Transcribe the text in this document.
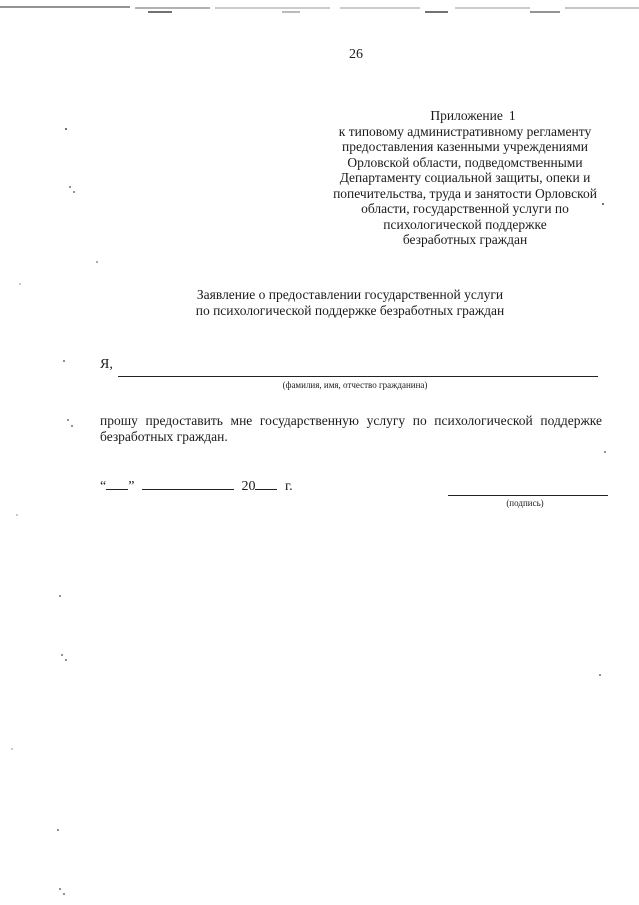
26
Приложение 1
к типовому административному регламенту
предоставления казенными учреждениями
Орловской области, подведомственными
Департаменту социальной защиты, опеки и
попечительства, труда и занятости Орловской
области, государственной услуги по
психологической поддержке
безработных граждан
Заявление о предоставлении государственной услуги
по психологической поддержке безработных граждан
Я,
(фамилия, имя, отчество гражданина)
прошу предоставить мне государственную услугу по психологической поддержке
безработных граждан.
“ ”	20 г.
(подпись)
